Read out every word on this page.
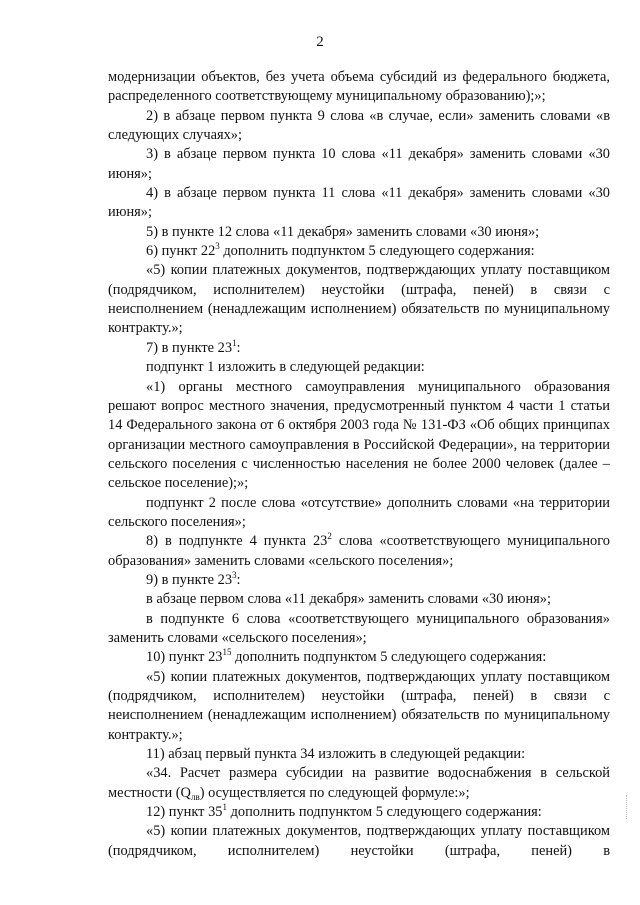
2

модернизации объектов, без учета объема субсидий из федерального бюджета, распределенного соответствующему муниципальному образованию);»;

2) в абзаце первом пункта 9 слова «в случае, если» заменить словами «в следующих случаях»;

3) в абзаце первом пункта 10 слова «11 декабря» заменить словами «30 июня»;

4) в абзаце первом пункта 11 слова «11 декабря» заменить словами «30 июня»;

5) в пункте 12 слова «11 декабря» заменить словами «30 июня»;

6) пункт $22^3$ дополнить подпунктом 5 следующего содержания:

«5) копии платежных документов, подтверждающих уплату поставщиком (подрядчиком, исполнителем) неустойки (штрафа, пеней) в связи с неисполнением (ненадлежащим исполнением) обязательств по муниципальному контракту.»;

7) в пункте $23^1$:

подпункт 1 изложить в следующей редакции:

«1) органы местного самоуправления муниципального образования решают вопрос местного значения, предусмотренный пунктом 4 части 1 статьи 14 Федерального закона от 6 октября 2003 года № 131-ФЗ «Об общих принципах организации местного самоуправления в Российской Федерации», на территории сельского поселения с численностью населения не более 2000 человек (далее – сельское поселение);»;

подпункт 2 после слова «отсутствие» дополнить словами «на территории сельского поселения»;

8) в подпункте 4 пункта $23^2$ слова «соответствующего муниципального образования» заменить словами «сельского поселения»;

9) в пункте $23^3$:

в абзаце первом слова «11 декабря» заменить словами «30 июня»;

в подпункте 6 слова «соответствующего муниципального образования» заменить словами «сельского поселения»;

10) пункт $23^{15}$ дополнить подпунктом 5 следующего содержания:

«5) копии платежных документов, подтверждающих уплату поставщиком (подрядчиком, исполнителем) неустойки (штрафа, пеней) в связи с неисполнением (ненадлежащим исполнением) обязательств по муниципальному контракту.»;

11) абзац первый пункта 34 изложить в следующей редакции:

«34. Расчет размера субсидии на развитие водоснабжения в сельской местности $(Q_{лв})$ осуществляется по следующей формуле:»;

12) пункт $35^1$ дополнить подпунктом 5 следующего содержания:

«5) копии платежных документов, подтверждающих уплату поставщиком (подрядчиком, исполнителем) неустойки (штрафа, пеней) в
